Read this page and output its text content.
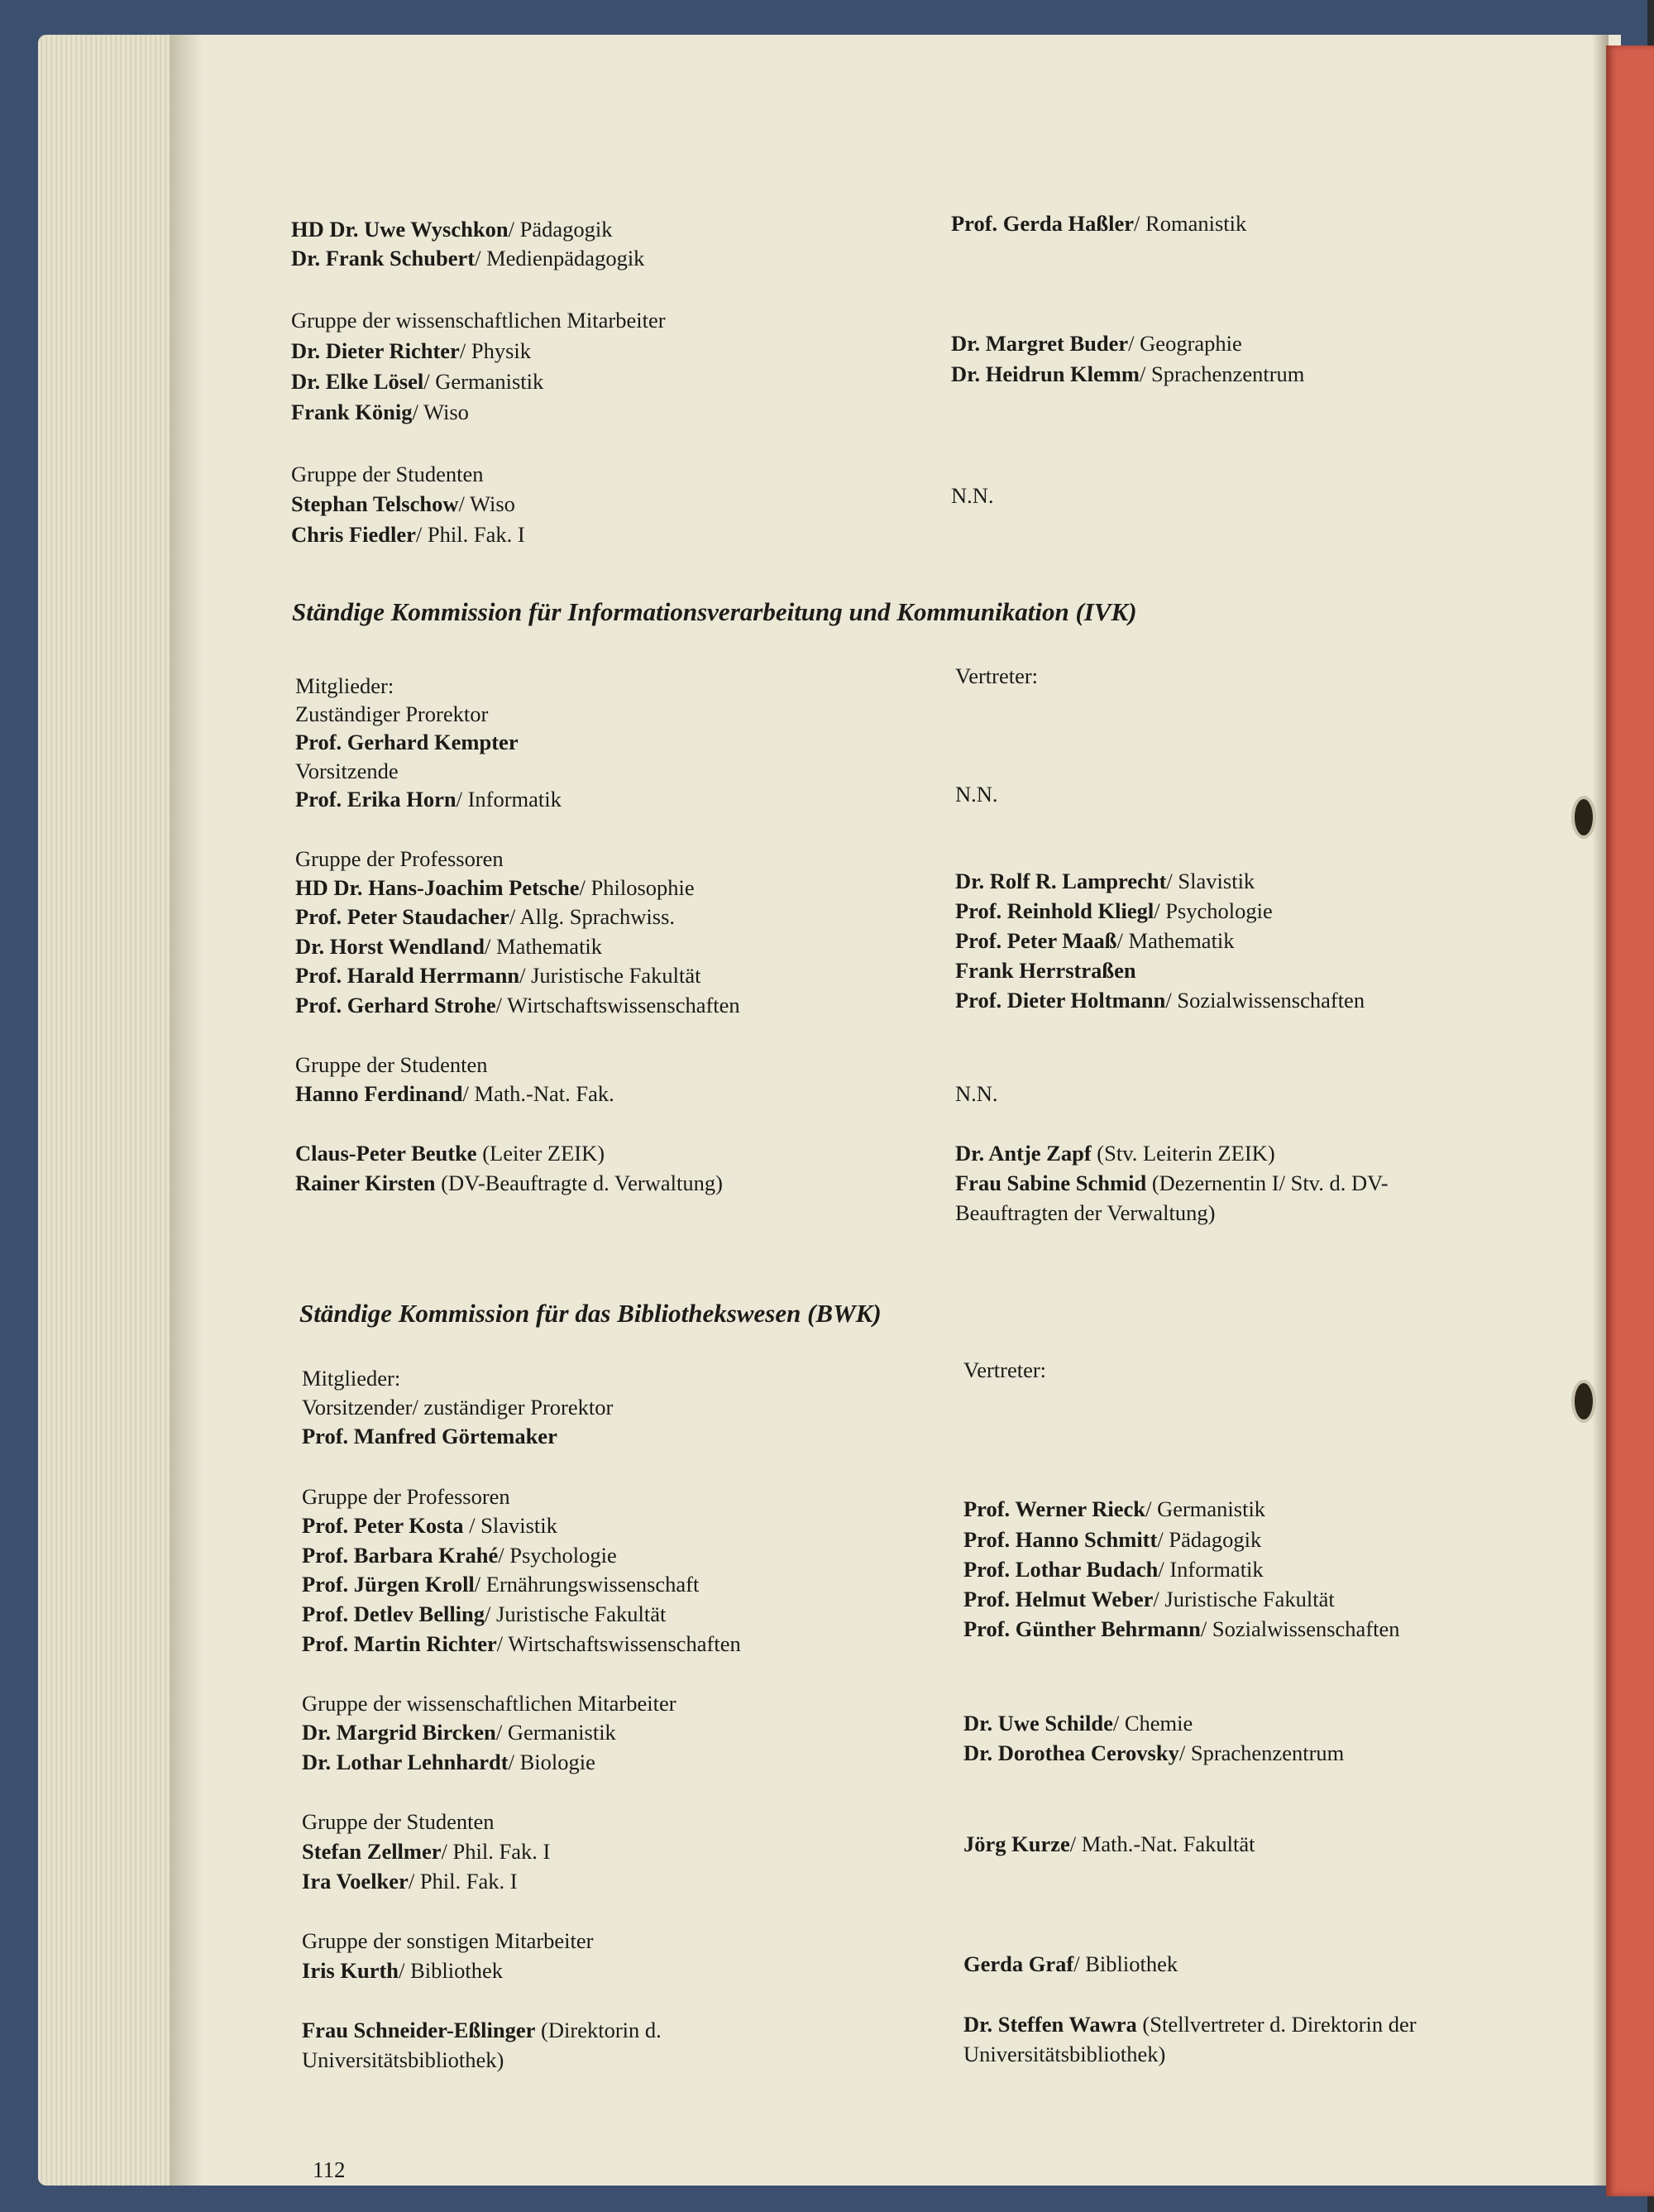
Ständige Kommission für Informationsverarbeitung und Kommunikation (IVK)
Ständige Kommission für das Bibliothekswesen (BWK)
112
HD Dr. Uwe Wyschkon/ Pädagogik
Dr. Frank Schubert/ Medienpädagogik
Gruppe der wissenschaftlichen Mitarbeiter
Dr. Dieter Richter/ Physik
Dr. Elke Lösel/ Germanistik
Frank König/ Wiso
Gruppe der Studenten
Stephan Telschow/ Wiso
Chris Fiedler/ Phil. Fak. I
Prof. Gerda Haßler/ Romanistik
Dr. Margret Buder/ Geographie
Dr. Heidrun Klemm/ Sprachenzentrum
N.N.
Mitglieder:
Zuständiger Prorektor
Prof. Gerhard Kempter
Vorsitzende
Prof. Erika Horn/ Informatik
Gruppe der Professoren
HD Dr. Hans-Joachim Petsche/ Philosophie
Prof. Peter Staudacher/ Allg. Sprachwiss.
Dr. Horst Wendland/ Mathematik
Prof. Harald Herrmann/ Juristische Fakultät
Prof. Gerhard Strohe/ Wirtschaftswissenschaften
Gruppe der Studenten
Hanno Ferdinand/ Math.-Nat. Fak.
Claus-Peter Beutke (Leiter ZEIK)
Rainer Kirsten (DV-Beauftragte d. Verwaltung)
Vertreter:
N.N.
Dr. Rolf R. Lamprecht/ Slavistik
Prof. Reinhold Kliegl/ Psychologie
Prof. Peter Maaß/ Mathematik
Frank Herrstraßen
Prof. Dieter Holtmann/ Sozialwissenschaften
N.N.
Dr. Antje Zapf (Stv. Leiterin ZEIK)
Frau Sabine Schmid (Dezernentin I/ Stv. d. DV-
Beauftragten der Verwaltung)
Mitglieder:
Vorsitzender/ zuständiger Prorektor
Prof. Manfred Görtemaker
Gruppe der Professoren
Prof. Peter Kosta / Slavistik
Prof. Barbara Krahé/ Psychologie
Prof. Jürgen Kroll/ Ernährungswissenschaft
Prof. Detlev Belling/ Juristische Fakultät
Prof. Martin Richter/ Wirtschaftswissenschaften
Gruppe der wissenschaftlichen Mitarbeiter
Dr. Margrid Bircken/ Germanistik
Dr. Lothar Lehnhardt/ Biologie
Gruppe der Studenten
Stefan Zellmer/ Phil. Fak. I
Ira Voelker/ Phil. Fak. I
Gruppe der sonstigen Mitarbeiter
Iris Kurth/ Bibliothek
Frau Schneider-Eßlinger (Direktorin d.
Universitätsbibliothek)
Vertreter:
Prof. Werner Rieck/ Germanistik
Prof. Hanno Schmitt/ Pädagogik
Prof. Lothar Budach/ Informatik
Prof. Helmut Weber/ Juristische Fakultät
Prof. Günther Behrmann/ Sozialwissenschaften
Dr. Uwe Schilde/ Chemie
Dr. Dorothea Cerovsky/ Sprachenzentrum
Jörg Kurze/ Math.-Nat. Fakultät
Gerda Graf/ Bibliothek
Dr. Steffen Wawra (Stellvertreter d. Direktorin der
Universitätsbibliothek)
